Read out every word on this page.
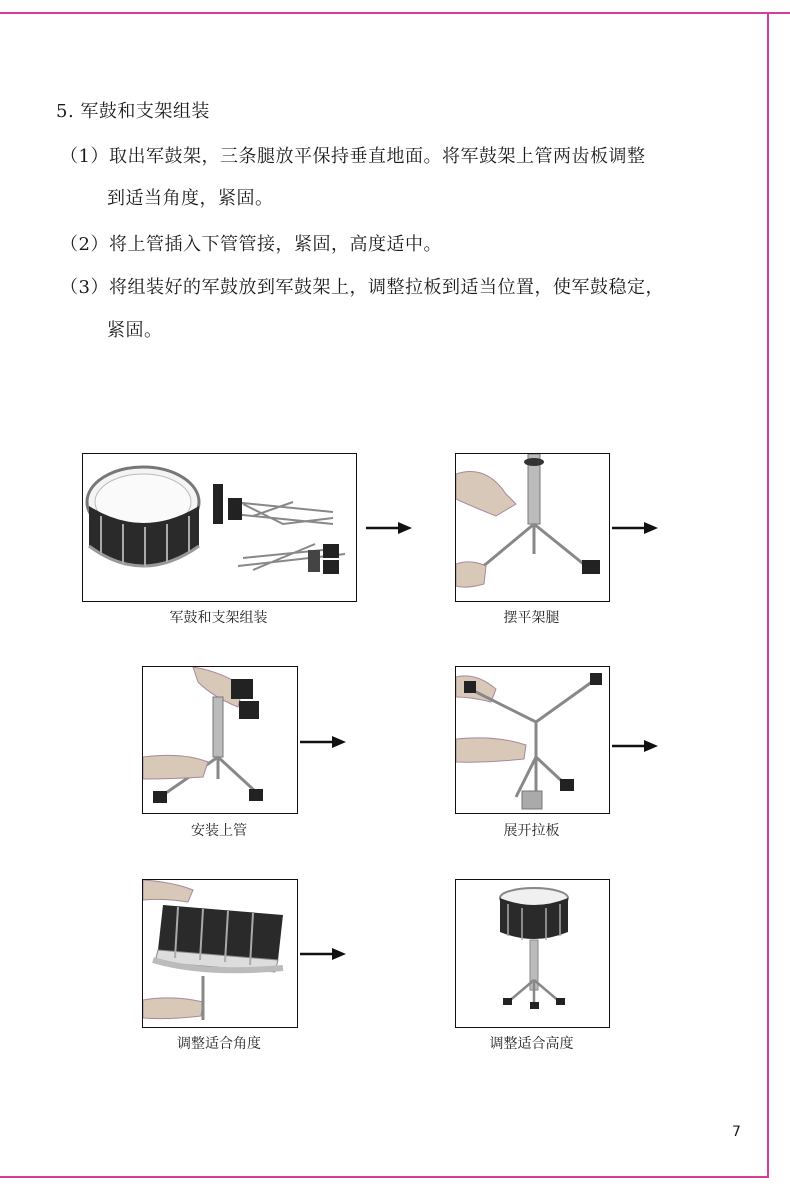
5. 军鼓和支架组装
（1）取出军鼓架，三条腿放平保持垂直地面。将军鼓架上管两齿板调整
到适当角度，紧固。
（2）将上管插入下管管接，紧固，高度适中。
（3）将组装好的军鼓放到军鼓架上，调整拉板到适当位置，使军鼓稳定，
紧固。
军鼓和支架组装	摆平架腿
安装上管	展开拉板
调整适合角度	调整适合高度
7
